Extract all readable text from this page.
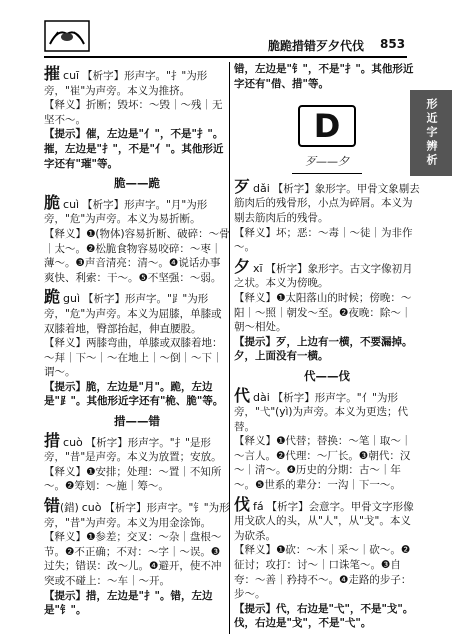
脆跪措错歹夕代伐 853
形近字辨析

摧 cuī 【析字】形声字。"扌"为形旁，"崔"为声旁。本义为推挤。

【释义】折断；毁坏：～毁｜～残｜无坚不～。

【提示】催，左边是"亻"，不是"扌"。摧，左边是"扌"，不是"亻"。其他形近字还有"璀"等。

脆——跪

脆 cuì 【析字】形声字。"月"为形旁，"危"为声旁。本义为易折断。

【释义】❶(物体)容易折断、破碎：～骨｜太～。❷松脆食物容易咬碎：～枣｜薄～。❸声音清亮：清～。❹说话办事爽快、利索：干～。❺不坚强：～弱。

跪 guì 【析字】形声字。"⻊"为形旁，"危"为声旁。本义为屈膝，单膝或双膝着地，臀部抬起，伸直腰股。

【释义】两膝弯曲，单膝或双膝着地：～拜｜下～｜～在地上｜～倒｜～下｜谓～。

【提示】脆，左边是"月"。跪，左边是"⻊"。其他形近字还有"桅、脆"等。

措——错

措 cuò 【析字】形声字。"扌"是形旁，"昔"是声旁。本义为放置；安放。

【释义】❶安排；处理：～置｜不知所～。❷筹划：～施｜筹～。

错(錯) cuò 【析字】形声字。"钅"为形旁，"昔"为声旁。本义为用金涂饰。

【释义】❶参差；交叉：～杂｜盘根～节。❷不正确；不对：～字｜～误。❸过失；错误：改～儿。❹避开，使不冲突或不碰上：～车｜～开。

【提示】措，左边是"扌"。错，左边是"钅"。

错，左边是"钅"，不是"扌"。其他形近字还有"借、措"等。

D
歹——夕

歹 dǎi 【析字】象形字。甲骨文象剔去筋肉后的残骨形，小点为碎屑。本义为剔去筋肉后的残骨。

【释义】坏；恶：～毒｜～徒｜为非作～。

夕 xī 【析字】象形字。古文字像初月之状。本义为傍晚。

【释义】❶太阳落山的时候；傍晚：～阳｜～照｜朝发～至。❷夜晚：除～｜朝～相处。

【提示】歹，上边有一横，不要漏掉。夕，上面没有一横。

代——伐

代 dài 【析字】形声字。"亻"为形旁，"弋"(yì)为声旁。本义为更迭；代替。

【释义】❶代替；替换：～笔｜取～｜～言人。❷代理：～厂长。❸朝代：汉～｜清～。❹历史的分期：古～｜年～。❺世系的辈分：一沟｜下一～。

伐 fá 【析字】会意字。甲骨文字形像用戈砍人的头，从"人"，从"戈"。本义为砍杀。

【释义】❶砍：～木｜采～｜砍～。❷征讨；攻打：讨～｜口诛笔～。❸自夸：～善｜矜持不～。❹走路的步子：步～。

【提示】代，右边是"弋"，不是"戈"。伐，右边是"戈"，不是"弋"。
